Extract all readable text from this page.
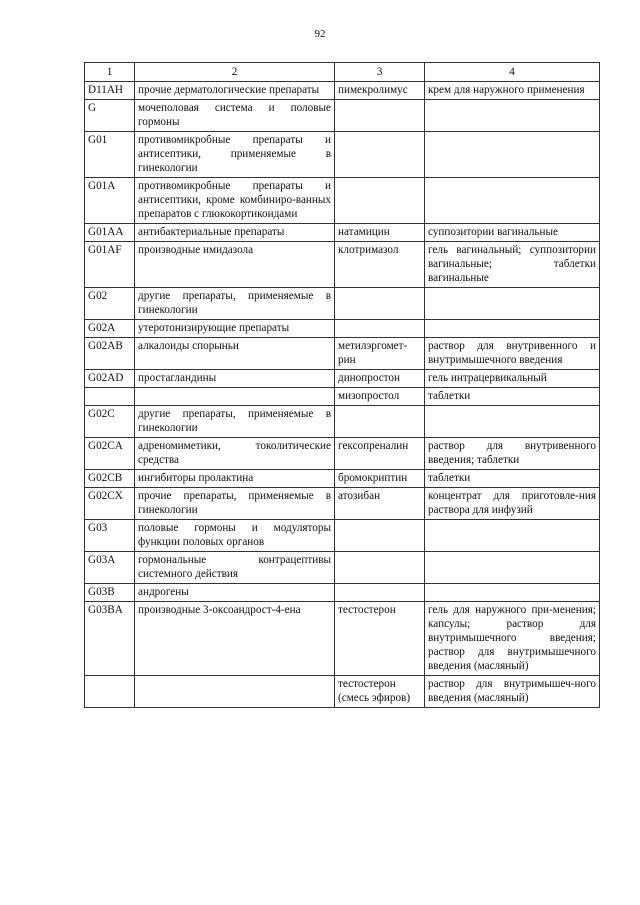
92
1	2	3	4
D11AH	прочие дерматологические препараты	пимекролимус	крем для наружного применения
G	мочеполовая система и половые гормоны		
G01	противомикробные препараты и антисептики, применяемые в гинекологии		
G01A	противомикробные препараты и антисептики, кроме комбиниро-ванных препаратов с глюкокортикоидами		
G01AA	антибактериальные препараты	натамицин	суппозитории вагинальные
G01AF	производные имидазола	клотримазол	гель вагинальный; суппозитории вагинальные; таблетки вагинальные
G02	другие препараты, применяемые в гинекологии		
G02A	утеротонизирующие препараты		
G02AB	алкалоиды спорыньи	метилэргомет-рин	раствор для внутривенного и внутримышечного введения
G02AD	простагландины	динопростон	гель интрацервикальный
		мизопростол	таблетки
G02C	другие препараты, применяемые в гинекологии		
G02CA	адреномиметики, токолитические средства	гексопреналин	раствор для внутривенного введения; таблетки
G02CB	ингибиторы пролактина	бромокриптин	таблетки
G02CX	прочие препараты, применяемые в гинекологии	атозибан	концентрат для приготовле-ния раствора для инфузий
G03	половые гормоны и модуляторы функции половых органов		
G03A	гормональные контрацептивы системного действия		
G03B	андрогены		
G03BA	производные 3-оксоандрост-4-ена	тестостерон	гель для наружного при-менения; капсулы; раствор для внутримышечного введения; раствор для внутримышечного введения (масляный)
		тестостерон (смесь эфиров)	раствор для внутримышеч-ного введения (масляный)
